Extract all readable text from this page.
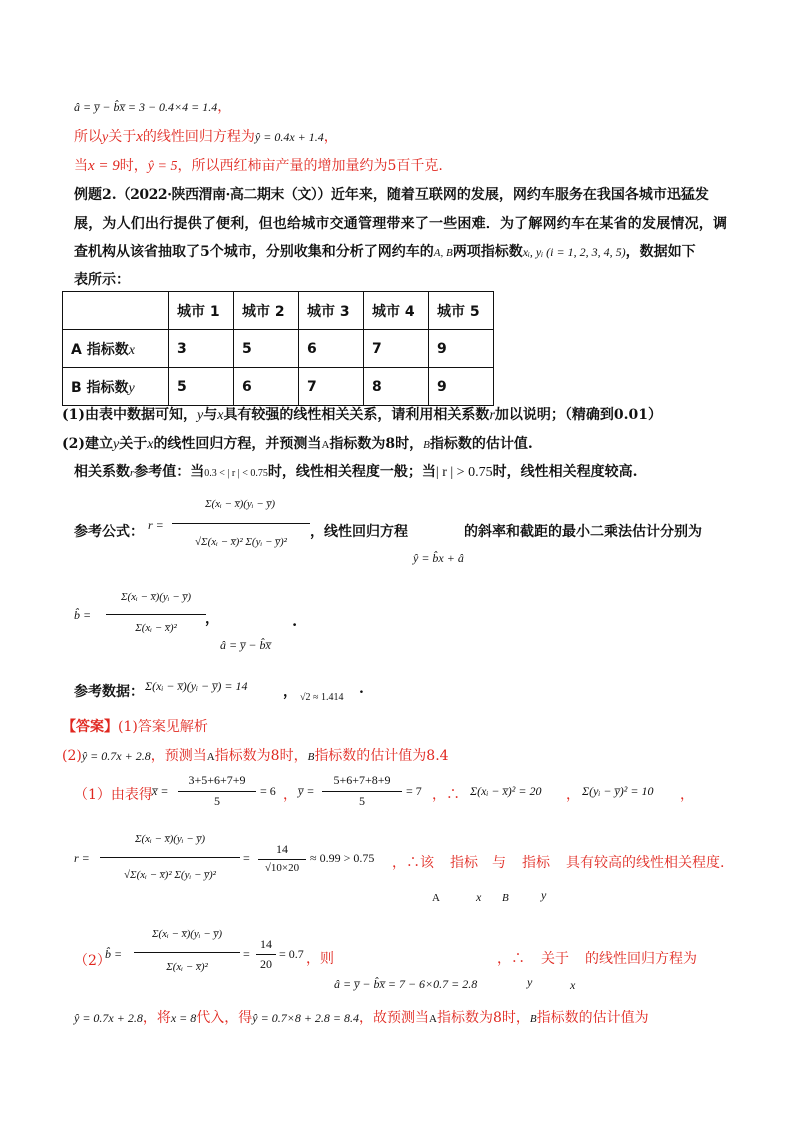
â = y̅ − b̂x̅ = 3 − 0.4×4 = 1.4，
所以y关于x的线性回归方程为ŷ = 0.4x + 1.4，
当x = 9时，ŷ = 5，所以西红柿亩产量的增加量约为5百千克.
例题2.（2022·陕西渭南·高二期末（文））近年来，随着互联网的发展，网约车服务在我国各城市迅猛发
展，为人们出行提供了便利，但也给城市交通管理带来了一些困难．为了解网约车在某省的发展情况，调
查机构从该省抽取了5个城市，分别收集和分析了网约车的A, B两项指标数xᵢ, yᵢ (i = 1, 2, 3, 4, 5)，数据如下
表所示：
	城市 1	城市 2	城市 3	城市 4	城市 5
A 指标数x	3	5	6	7	9
B 指标数y	5	6	7	8	9
(1)由表中数据可知，y与x具有较强的线性相关关系，请利用相关系数r加以说明；（精确到0.01）
(2)建立y关于x的线性回归方程，并预测当A指标数为8时，B指标数的估计值.
相关系数r参考值：当0.3 < | r | < 0.75时，线性相关程度一般；当| r | > 0.75时，线性相关程度较高.
参考公式： r =
Σ(xᵢ − x̅)(yᵢ − y̅)
√Σ(xᵢ − x̅)² Σ(yᵢ − y̅)²
，线性回归方程	的斜率和截距的最小二乘法估计分别为
ŷ = b̂x + â
b̂ =
Σ(xᵢ − x̅)(yᵢ − y̅)
Σ(xᵢ − x̅)²
，
â = y̅ − b̂x̅
.
参考数据： Σ(xᵢ − x̅)(yᵢ − y̅) = 14	， √2 ≈ 1.414
.
【答案】(1)答案见解析
(2)ŷ = 0.7x + 2.8，预测当A指标数为8时，B指标数的估计值为8.4
（1）由表得 x̅ =
3+5+6+7+9
5
= 6 ， y̅ =
5+6+7+8+9
5
= 7 ，∴ Σ(xᵢ − x̅)² = 20 ， Σ(yᵢ − y̅)² = 10 ，
r =
Σ(xᵢ − x̅)(yᵢ − y̅)
√Σ(xᵢ − x̅)² Σ(yᵢ − y̅)²
=
14
√10×20
≈ 0.99 > 0.75 ，∴该 指标 与 指标 具有较高的线性相关程度.
A	x B	y
（2）
b̂ =
Σ(xᵢ − x̅)(yᵢ − y̅)
Σ(xᵢ − x̅)²
=
14
20
= 0.7 ，则	，∴ 关于 的线性回归方程为
â = y̅ − b̂x̅ = 7 − 6×0.7 = 2.8	y	x
ŷ = 0.7x + 2.8，将x = 8代入，得ŷ = 0.7×8 + 2.8 = 8.4，故预测当A指标数为8时，B指标数的估计值为
